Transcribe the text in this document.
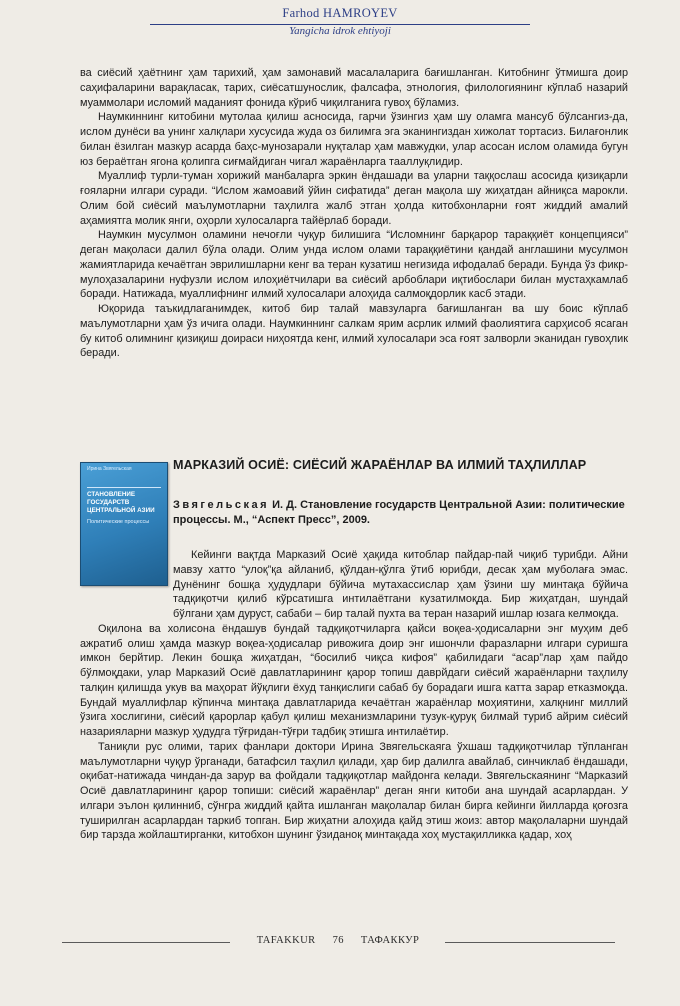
Farhod HAMROYEV
Yangicha idrok ehtiyoji

ва сиёсий ҳаётнинг ҳам тарихий, ҳам замонавий масалаларига бағишланган. Китобнинг ўтмишга доир саҳифаларини варақласак, тарих, сиёсатшунослик, фалсафа, этнология, филологиянинг кўплаб назарий муаммолари исломий маданият фонида кўриб чиқилганига гувоҳ бўламиз.

Наумкиннинг китобини мутолаа қилиш асносида, гарчи ўзингиз ҳам шу оламга мансуб бўлсангиз-да, ислом дунёси ва унинг халқлари хусусида жуда оз билимга эга эканингиздан хижолат тортасиз. Билағонлик билан ёзилган мазкур асарда баҳс-мунозарали нуқталар ҳам мавжудки, улар асосан ислом оламида бугун юз бераётган ягона қолипга сиғмайдиган чигал жараёнларга тааллуқлидир.

Муаллиф турли-туман хорижий манбаларга эркин ёндашади ва уларни таққослаш асосида қизиқарли ғояларни илгари суради. “Ислом жамоавий ўйин сифатида” деган мақола шу жиҳатдан айниқса марокли. Олим бой сиёсий маълумотларни таҳлилга жалб этган ҳолда китобхонларни ғоят жиддий амалий аҳамиятга молик янги, оҳорли хулосаларга тайёрлаб боради.

Наумкин мусулмон оламини нечоғли чуқур билишига “Исломнинг барқарор тараққиёт концепцияси” деган мақоласи далил бўла олади. Олим унда ислом олами тараққиётини қандай англашини мусулмон жамиятларида кечаётган эврилишларни кенг ва теран кузатиш негизида ифодалаб беради. Бунда ўз фикр-мулоҳазаларини нуфузли ислом илоҳиётчилари ва сиёсий арбоблари иқтибослари билан мустаҳкамлаб боради. Натижада, муаллифнинг илмий хулосалари алоҳида салмоқдорлик касб этади.

Юқорида таъкидлаганимдек, китоб бир талай мавзуларга бағишланган ва шу боис кўплаб маълумотларни ҳам ўз ичига олади. Наумкиннинг салкам ярим асрлик илмий фаолиятига сарҳисоб ясаган бу китоб олимнинг қизиқиш доираси ниҳоятда кенг, илмий хулосалари эса ғоят залворли эканидан гувоҳлик беради.

Ирина Звягельская
СТАНОВЛЕНИЕ ГОСУДАРСТВ ЦЕНТРАЛЬНОЙ АЗИИ
Политические процессы
МАРКАЗИЙ ОСИЁ: СИЁСИЙ ЖАРАЁНЛАР ВА ИЛМИЙ ТАҲЛИЛЛАР
Звягельская И. Д. Становление государств Центральной Азии: политические процессы. М., “Аспект Пресс”, 2009.

Кейинги вақтда Марказий Осиё ҳақида китоблар пайдар-пай чиқиб турибди. Айни мавзу хатто “улоқ”қа айланиб, қўлдан-қўлга ўтиб юрибди, десак ҳам муболаға эмас. Дунёнинг бошқа ҳудудлари бўйича мутахассислар ҳам ўзини шу минтақа бўйича тадқиқотчи қилиб кўрсатишга интилаётгани кузатилмоқда. Бир жиҳатдан, шундай бўлгани ҳам дуруст, сабаби – бир талай пухта ва теран назарий ишлар юзага келмоқда.

Оқилона ва холисона ёндашув бундай тадқиқотчиларга қайси воқеа-ҳодисаларни энг муҳим деб ажратиб олиш ҳамда мазкур воқеа-ҳодисалар ривожига доир энг ишончли фаразларни илгари суришга имкон берйтир. Лекин бошқа жиҳатдан, “босилиб чиқса кифоя” қабилидаги “асар”лар ҳам пайдо бўлмоқдаки, улар Марказий Осиё давлатларининг қарор топиш даврйдаги сиёсий жараёнларни таҳлилу талқин қилишда укув ва маҳорат йўқлиги ёхуд танқислиги сабаб бу борадаги ишга катта зарар етказмоқда. Бундай муаллифлар кўпинча минтақа давлатларида кечаётган жараёнлар моҳиятини, халқнинг миллий ўзига хослигини, сиёсий қарорлар қабул қилиш механизмларини тузук-қуруқ билмай туриб айрим сиёсий назарияларни мазкур ҳудудга тўғридан-тўғри тадбиқ этишга интилаётир.

Таниқли рус олими, тарих фанлари доктори Ирина Звягельскаяга ўхшаш тадқиқотчилар тўпланган маълумотларни чуқур ўрганади, батафсил таҳлил қилади, ҳар бир далилга авайлаб, синчиклаб ёндашади, оқибат-натижада чиндан-да зарур ва фойдали тадқиқотлар майдонга келади. Звягельскаянинг “Марказий Осиё давлатларининг қарор топиши: сиёсий жараёнлар” деган янги китоби ана шундай асарлардан. У илгари эълон қилинниб, сўнгра жиддий қайта ишланган мақолалар билан бирга кейинги йилларда қоғозга туширилган асарлардан таркиб топган. Бир жиҳатни алоҳида қайд этиш жоиз: автор мақолаларни шундай бир тарзда жойлаштирганки, китобхон шунинг ўзиданоқ минтақада хоҳ мустақилликка қадар, хоҳ

TAFAKKUR 76 ТАФАККУР
